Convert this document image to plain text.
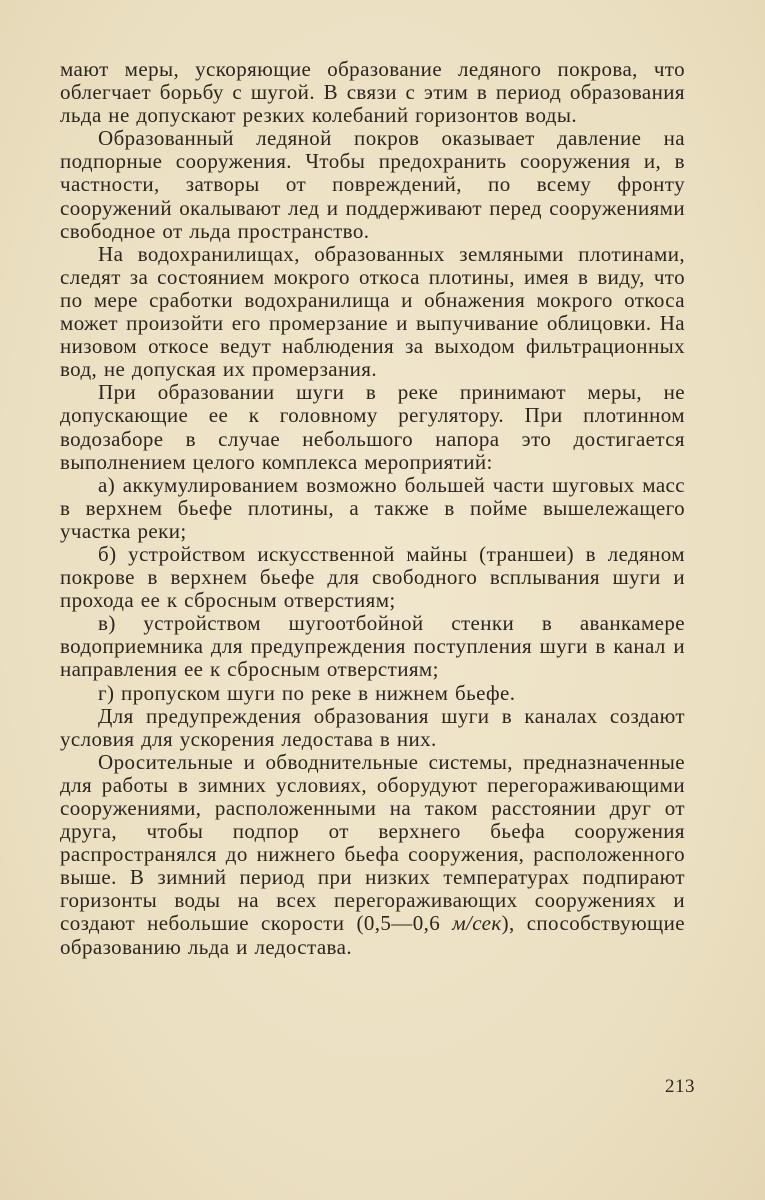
мают меры, ускоряющие образование ледяного покрова, что облегчает борьбу с шугой. В связи с этим в период образования льда не допускают резких колебаний горизонтов воды.

Образованный ледяной покров оказывает давление на подпорные сооружения. Чтобы предохранить сооружения и, в частности, затворы от повреждений, по всему фронту сооружений окалывают лед и поддерживают перед сооружениями свободное от льда пространство.

На водохранилищах, образованных земляными плотинами, следят за состоянием мокрого откоса плотины, имея в виду, что по мере сработки водохранилища и обнажения мокрого откоса может произойти его промерзание и выпучивание облицовки. На низовом откосе ведут наблюдения за выходом фильтрационных вод, не допуская их промерзания.

При образовании шуги в реке принимают меры, не допускающие ее к головному регулятору. При плотинном водозаборе в случае небольшого напора это достигается выполнением целого комплекса мероприятий:

а) аккумулированием возможно большей части шуговых масс в верхнем бьефе плотины, а также в пойме вышележащего участка реки;

б) устройством искусственной майны (траншеи) в ледяном покрове в верхнем бьефе для свободного всплывания шуги и прохода ее к сбросным отверстиям;

в) устройством шугоотбойной стенки в аванкамере водоприемника для предупреждения поступления шуги в канал и направления ее к сбросным отверстиям;

г) пропуском шуги по реке в нижнем бьефе.

Для предупреждения образования шуги в каналах создают условия для ускорения ледостава в них.

Оросительные и обводнительные системы, предназначенные для работы в зимних условиях, оборудуют перегораживающими сооружениями, расположенными на таком расстоянии друг от друга, чтобы подпор от верхнего бьефа сооружения распространялся до нижнего бьефа сооружения, расположенного выше. В зимний период при низких температурах подпирают горизонты воды на всех перегораживающих сооружениях и создают небольшие скорости (0,5—0,6 м/сек), способствующие образованию льда и ледостава.

213
